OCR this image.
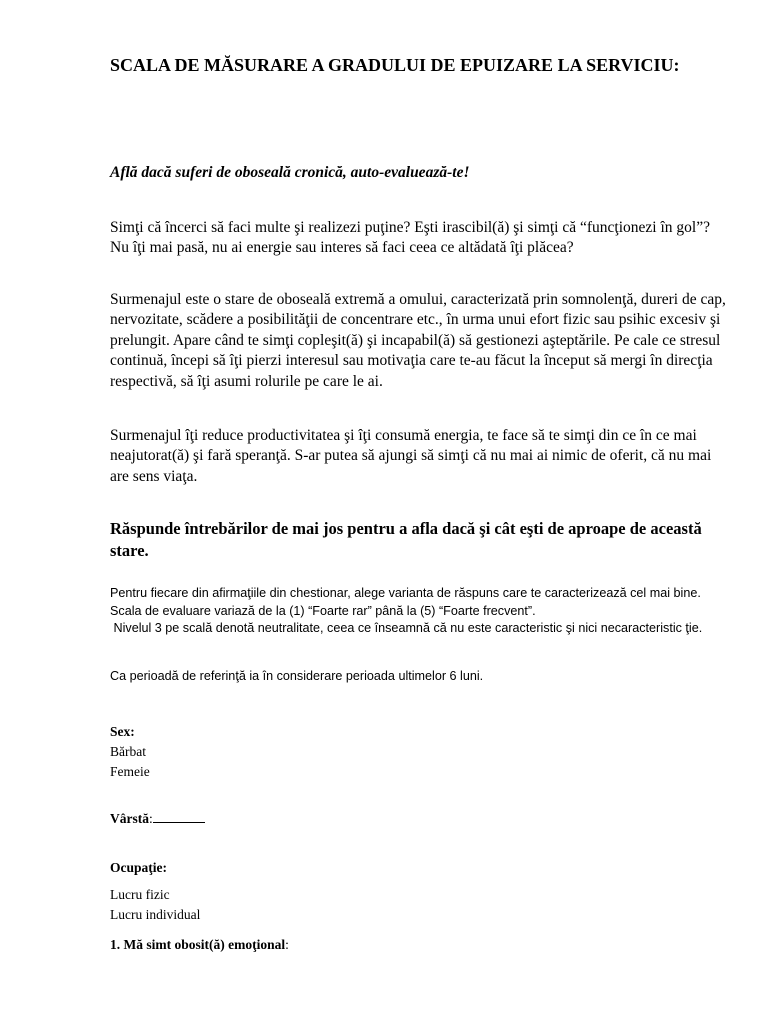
SCALA DE MĂSURARE A GRADULUI DE EPUIZARE LA SERVICIU:

Află dacă suferi de oboseală cronică, auto-evaluează-te!

Simţi că încerci să faci multe şi realizezi puţine? Eşti irascibil(ă) şi simţi că “funcţionezi în gol”? Nu îţi mai pasă, nu ai energie sau interes să faci ceea ce altădată îţi plăcea?

Surmenajul este o stare de oboseală extremă a omului, caracterizată prin somnolenţă, dureri de cap, nervozitate, scădere a posibilităţii de concentrare etc., în urma unui efort fizic sau psihic excesiv şi prelungit. Apare când te simţi copleşit(ă) şi incapabil(ă) să gestionezi aşteptările. Pe cale ce stresul continuă, începi să îţi pierzi interesul sau motivaţia care te-au făcut la început să mergi în direcţia respectivă, să îţi asumi rolurile pe care le ai.

Surmenajul îţi reduce productivitatea şi îţi consumă energia, te face să te simţi din ce în ce mai neajutorat(ă) şi fară speranţă. S-ar putea să ajungi să simţi că nu mai ai nimic de oferit, că nu mai are sens viaţa.

Răspunde întrebărilor de mai jos pentru a afla dacă şi cât eşti de aproape de această stare.

Pentru fiecare din afirmaţiile din chestionar, alege varianta de răspuns care te caracterizează cel mai bine. Scala de evaluare variază de la (1) “Foarte rar” până la (5) “Foarte frecvent”.
Nivelul 3 pe scală denotă neutralitate, ceea ce înseamnă că nu este caracteristic şi nici necaracteristic ţie.
Ca perioadă de referinţă ia în considerare perioada ultimelor 6 luni.
Sex:
Bărbat
Femeie
Vârstă:
Ocupaţie:
Lucru fizic
Lucru individual
1. Mă simt obosit(ă) emoţional:
